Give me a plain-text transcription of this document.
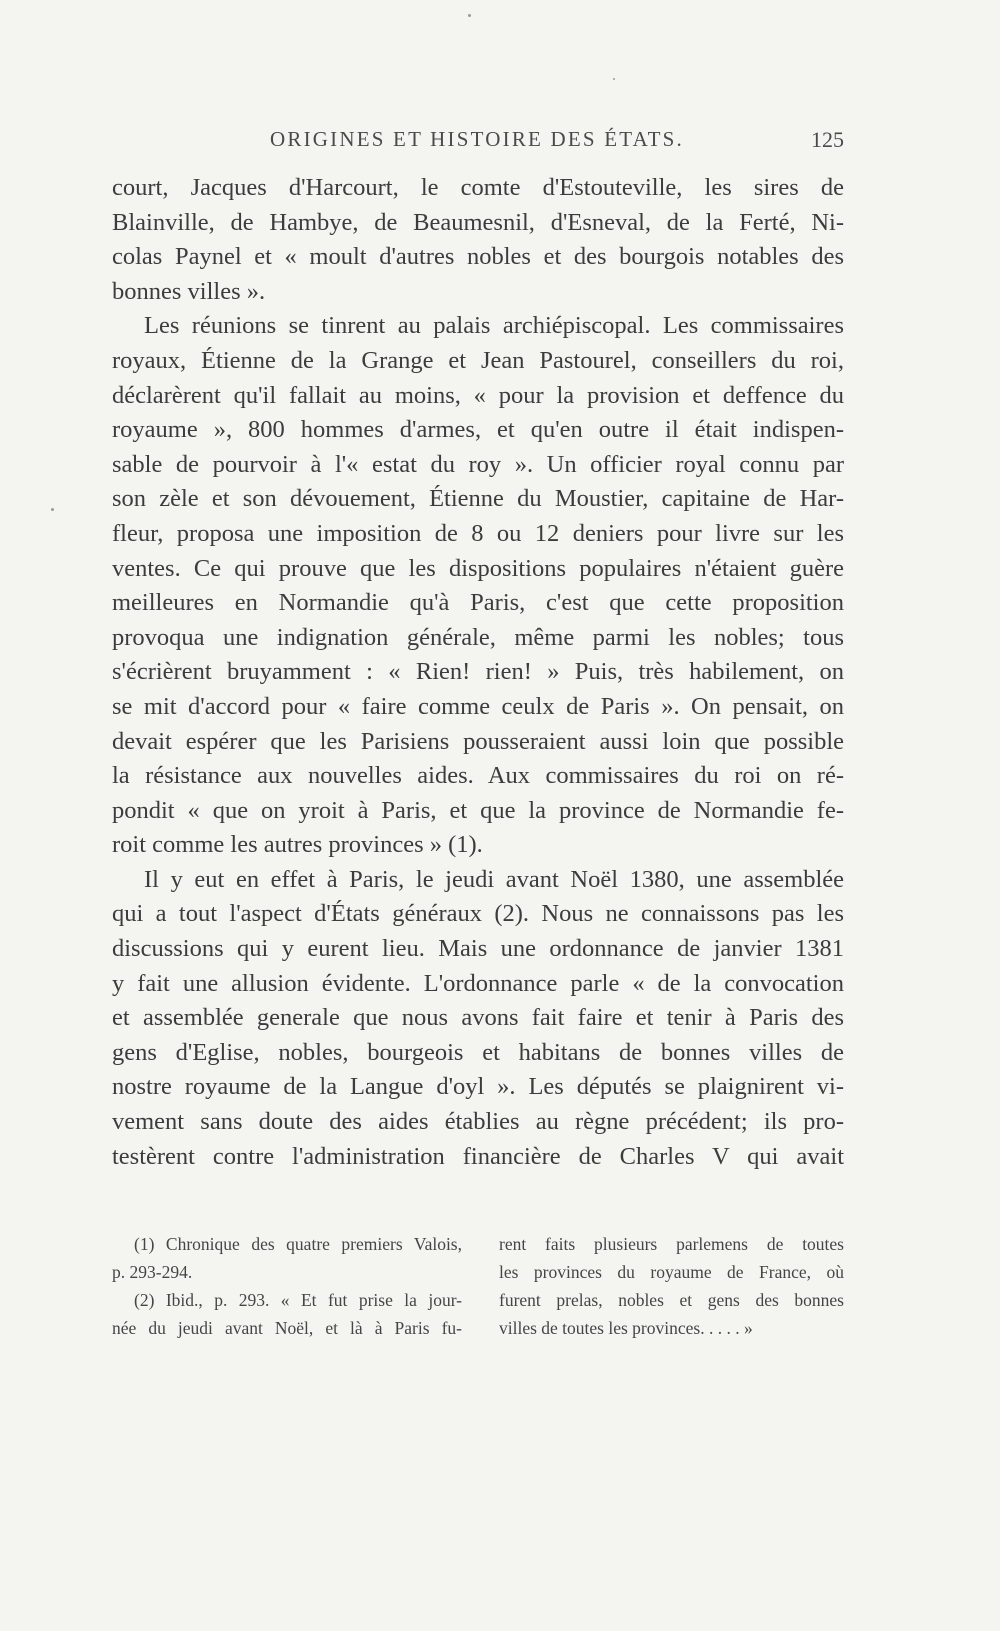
ORIGINES ET HISTOIRE DES ÉTATS.	125
court, Jacques d'Harcourt, le comte d'Estouteville, les sires de
Blainville, de Hambye, de Beaumesnil, d'Esneval, de la Ferté, Ni-
colas Paynel et « moult d'autres nobles et des bourgois notables des
bonnes villes ».
Les réunions se tinrent au palais archiépiscopal. Les commissaires
royaux, Étienne de la Grange et Jean Pastourel, conseillers du roi,
déclarèrent qu'il fallait au moins, « pour la provision et deffence du
royaume », 800 hommes d'armes, et qu'en outre il était indispen-
sable de pourvoir à l'« estat du roy ». Un officier royal connu par
son zèle et son dévouement, Étienne du Moustier, capitaine de Har-
fleur, proposa une imposition de 8 ou 12 deniers pour livre sur les
ventes. Ce qui prouve que les dispositions populaires n'étaient guère
meilleures en Normandie qu'à Paris, c'est que cette proposition
provoqua une indignation générale, même parmi les nobles; tous
s'écrièrent bruyamment : « Rien! rien! » Puis, très habilement, on
se mit d'accord pour « faire comme ceulx de Paris ». On pensait, on
devait espérer que les Parisiens pousseraient aussi loin que possible
la résistance aux nouvelles aides. Aux commissaires du roi on ré-
pondit « que on yroit à Paris, et que la province de Normandie fe-
roit comme les autres provinces » (1).
Il y eut en effet à Paris, le jeudi avant Noël 1380, une assemblée
qui a tout l'aspect d'États généraux (2). Nous ne connaissons pas les
discussions qui y eurent lieu. Mais une ordonnance de janvier 1381
y fait une allusion évidente. L'ordonnance parle « de la convocation
et assemblée generale que nous avons fait faire et tenir à Paris des
gens d'Eglise, nobles, bourgeois et habitans de bonnes villes de
nostre royaume de la Langue d'oyl ». Les députés se plaignirent vi-
vement sans doute des aides établies au règne précédent; ils pro-
testèrent contre l'administration financière de Charles V qui avait
(1) Chronique des quatre premiers Valois,
p. 293-294.
(2) Ibid., p. 293. « Et fut prise la jour-
née du jeudi avant Noël, et là à Paris fu-
rent faits plusieurs parlemens de toutes
les provinces du royaume de France, où
furent prelas, nobles et gens des bonnes
villes de toutes les provinces. . . . . »
